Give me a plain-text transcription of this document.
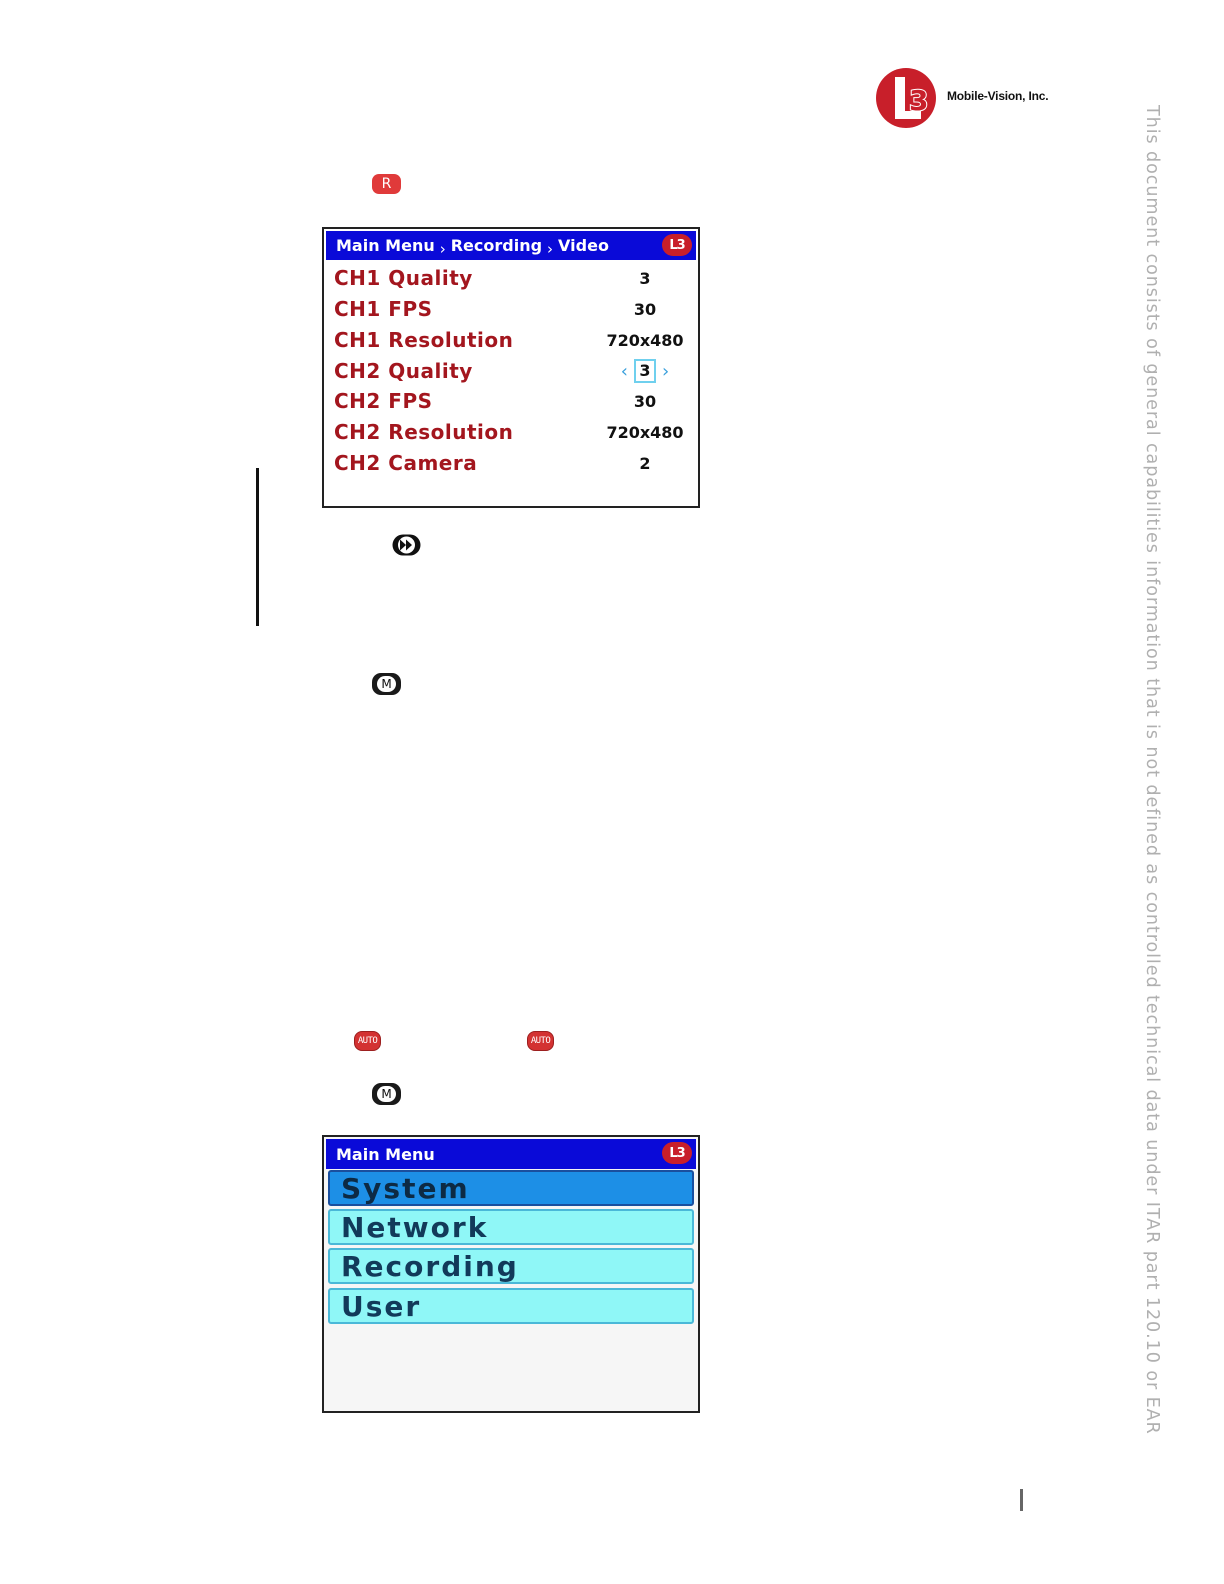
3 Mobile-Vision, Inc.
This document consists of general capabilities information that is not defined as controlled technical data under ITAR part 120.10 or EAR
R
Main Menu › Recording › Video	L3
CH1 Quality	3
CH1 FPS	30
CH1 Resolution	720x480
CH2 Quality	‹ 3 ›
CH2 FPS	30
CH2 Resolution	720x480
CH2 Camera	2
M
AUTO	AUTO
M
Main Menu	L3
System
Network
Recording
User
